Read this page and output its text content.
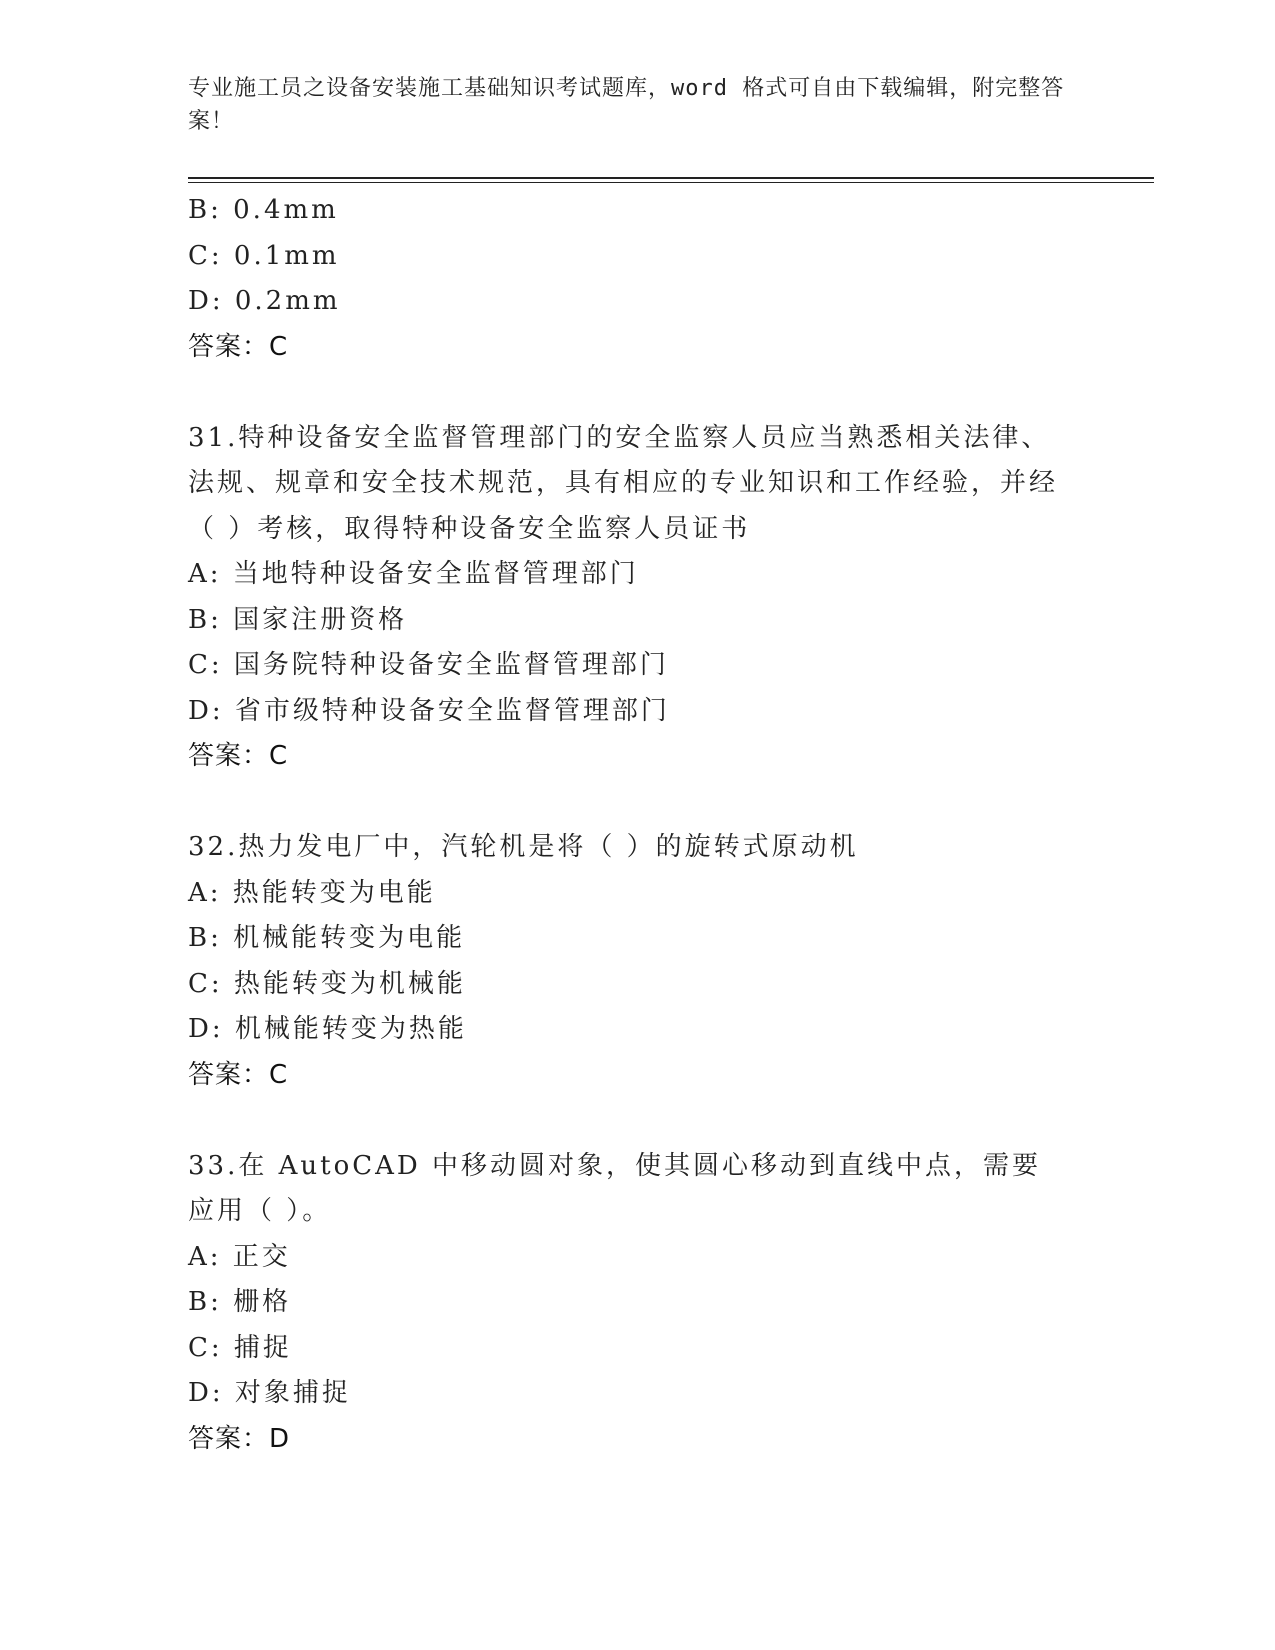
专业施工员之设备安装施工基础知识考试题库，word 格式可自由下载编辑，附完整答案！
B: 0.4mm
C: 0.1mm
D: 0.2mm
答案：C
31.特种设备安全监督管理部门的安全监察人员应当熟悉相关法律、法规、规章和安全技术规范，具有相应的专业知识和工作经验，并经（ ）考核，取得特种设备安全监察人员证书
A: 当地特种设备安全监督管理部门
B: 国家注册资格
C: 国务院特种设备安全监督管理部门
D: 省市级特种设备安全监督管理部门
答案：C
32.热力发电厂中，汽轮机是将（ ）的旋转式原动机
A: 热能转变为电能
B: 机械能转变为电能
C: 热能转变为机械能
D: 机械能转变为热能
答案：C
33.在 AutoCAD 中移动圆对象，使其圆心移动到直线中点，需要应用（ ）。
A: 正交
B: 栅格
C: 捕捉
D: 对象捕捉
答案：D
